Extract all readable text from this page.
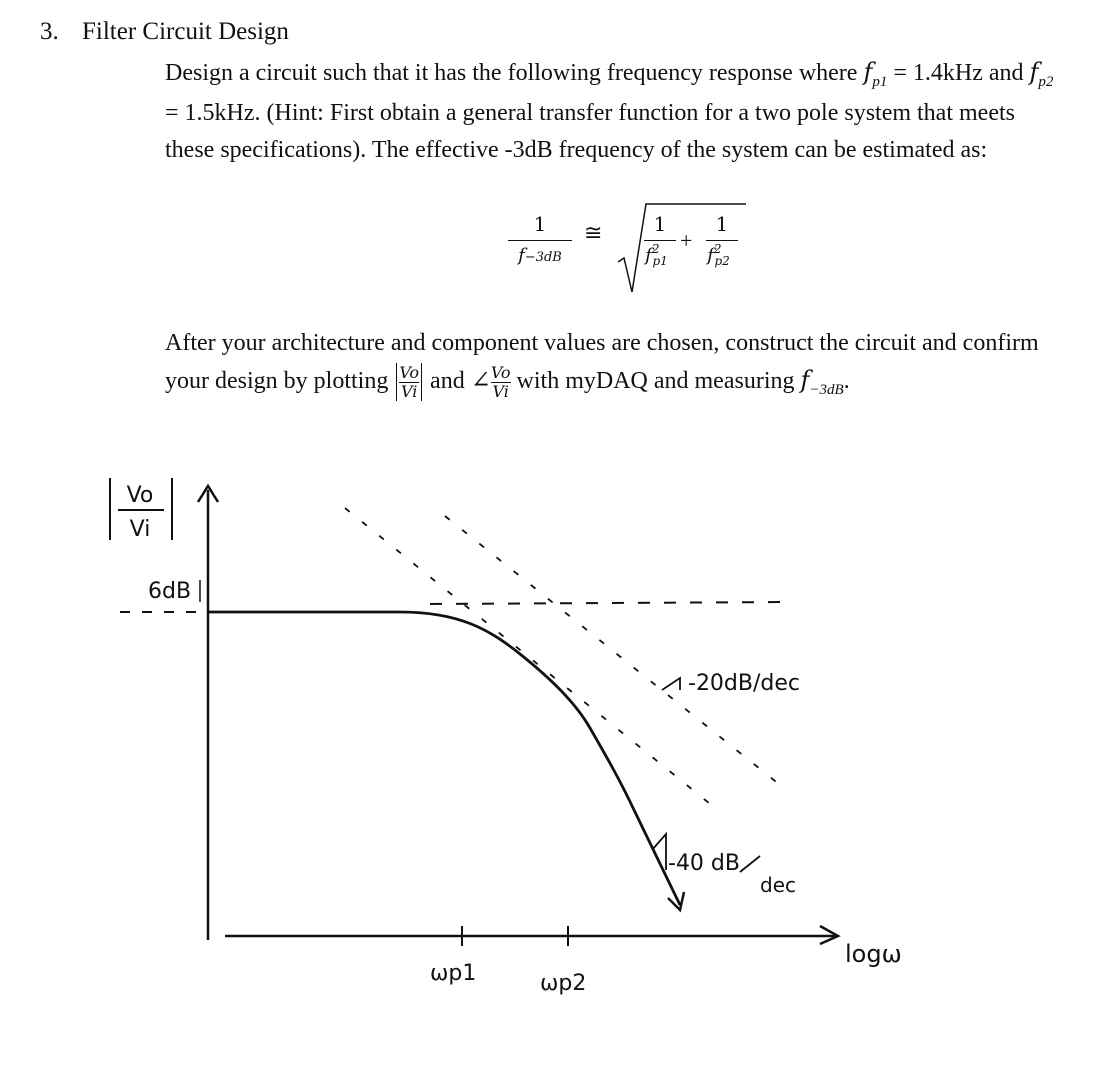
3. Filter Circuit Design
Design a circuit such that it has the following frequency response where $f_{p1} = 1.4kHz$ and $f_{p2} = 1.5kHz$. (Hint: First obtain a general transfer function for a two pole system that meets these specifications). The effective -3dB frequency of the system can be estimated as:
1
f−3dB
≅	1
$f^2_{p1}$
+
1
$f^2_{p2}$
After your architecture and component values are chosen, construct the circuit and confirm your design by plotting $\frac{Vo}{Vi}$ and ∠ $\frac{Vo}{Vi}$ with myDAQ and measuring $f_{-3dB}$.
Vo
Vi
logω
ωp1	ωp2
6dB
-20dB/dec
-40 dB
dec
